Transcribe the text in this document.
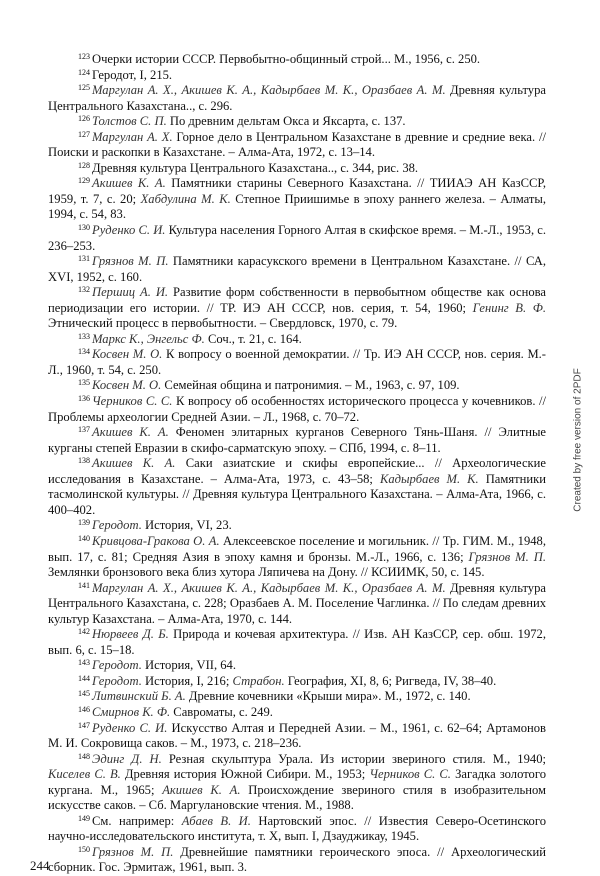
$^{123}$ Очерки истории СССР. Первобытно-общинный строй... М., 1956, с. 250.

$^{124}$ Геродот, I, 215.

$^{125}$ Маргулан А. Х., Акишев К. А., Кадырбаев М. К., Оразбаев А. М. Древняя культура Центрального Казахстана.., с. 296.

$^{126}$ Толстов С. П. По древним дельтам Окса и Яксарта, с. 137.

$^{127}$ Маргулан А. Х. Горное дело в Центральном Казахстане в древние и средние века. // Поиски и раскопки в Казахстане. – Алма-Ата, 1972, с. 13–14.

$^{128}$ Древняя культура Центрального Казахстана.., с. 344, рис. 38.

$^{129}$ Акишев К. А. Памятники старины Северного Казахстана. // ТИИАЭ АН КазССР, 1959, т. 7, с. 20; Хабдулина М. К. Степное Приишимье в эпоху раннего железа. – Алматы, 1994, с. 54, 83.

$^{130}$ Руденко С. И. Культура населения Горного Алтая в скифское время. – М.-Л., 1953, с. 236–253.

$^{131}$ Грязнов М. П. Памятники карасукского времени в Центральном Казахстане. // СА, XVI, 1952, с. 160.

$^{132}$ Першиц А. И. Развитие форм собственности в первобытном обществе как основа периодизации его истории. // ТР. ИЭ АН СССР, нов. серия, т. 54, 1960; Генинг В. Ф. Этнический процесс в первобытности. – Свердловск, 1970, с. 79.

$^{133}$ Маркс К., Энгельс Ф. Соч., т. 21, с. 164.

$^{134}$ Косвен М. О. К вопросу о военной демократии. // Тр. ИЭ АН СССР, нов. серия. М.-Л., 1960, т. 54, с. 250.

$^{135}$ Косвен М. О. Семейная община и патронимия. – М., 1963, с. 97, 109.

$^{136}$ Черников С. С. К вопросу об особенностях исторического процесса у кочевников. // Проблемы археологии Средней Азии. – Л., 1968, с. 70–72.

$^{137}$ Акишев К. А. Феномен элитарных курганов Северного Тянь-Шаня. // Элитные курганы степей Евразии в скифо-сарматскую эпоху. – СПб, 1994, с. 8–11.

$^{138}$ Акишев К. А. Саки азиатские и скифы европейские... // Археологические исследования в Казахстане. – Алма-Ата, 1973, с. 43–58; Кадырбаев М. К. Памятники тасмолинской культуры. // Древняя культура Центрального Казахстана. – Алма-Ата, 1966, с. 400–402.

$^{139}$ Геродот. История, VI, 23.

$^{140}$ Кривцова-Гракова О. А. Алексеевское поселение и могильник. // Тр. ГИМ. М., 1948, вып. 17, с. 81; Средняя Азия в эпоху камня и бронзы. М.-Л., 1966, с. 136; Грязнов М. П. Землянки бронзового века близ хутора Ляпичева на Дону. // КСИИМК, 50, с. 145.

$^{141}$ Маргулан А. Х., Акишев К. А., Кадырбаев М. К., Оразбаев А. М. Древняя культура Центрального Казахстана, с. 228; Оразбаев А. М. Поселение Чаглинка. // По следам древних культур Казахстана. – Алма-Ата, 1970, с. 144.

$^{142}$ Нюрвеев Д. Б. Природа и кочевая архитектура. // Изв. АН КазССР, сер. обш. 1972, вып. 6, с. 15–18.

$^{143}$ Геродот. История, VII, 64.

$^{144}$ Геродот. История, I, 216; Страбон. География, XI, 8, 6; Ригведа, IV, 38–40.

$^{145}$ Литвинский Б. А. Древние кочевники «Крыши мира». М., 1972, с. 140.

$^{146}$ Смирнов К. Ф. Савроматы, с. 249.

$^{147}$ Руденко С. И. Искусство Алтая и Передней Азии. – М., 1961, с. 62–64; Артамонов М. И. Сокровища саков. – М., 1973, с. 218–236.

$^{148}$ Эдинг Д. Н. Резная скульптура Урала. Из истории звериного стиля. М., 1940; Киселев С. В. Древняя история Южной Сибири. М., 1953; Черников С. С. Загадка золотого кургана. М., 1965; Акишев К. А. Происхождение звериного стиля в изобразительном искусстве саков. – Сб. Маргулановские чтения. М., 1988.

$^{149}$ См. например: Абаев В. И. Нартовский эпос. // Известия Северо-Осетинского научно-исследовательского института, т. X, вып. I, Дзауджикау, 1945.

$^{150}$ Грязнов М. П. Древнейшие памятники героического эпоса. // Археологический сборник. Гос. Эрмитаж, 1961, вып. 3.

244
Created by free version of 2PDF
